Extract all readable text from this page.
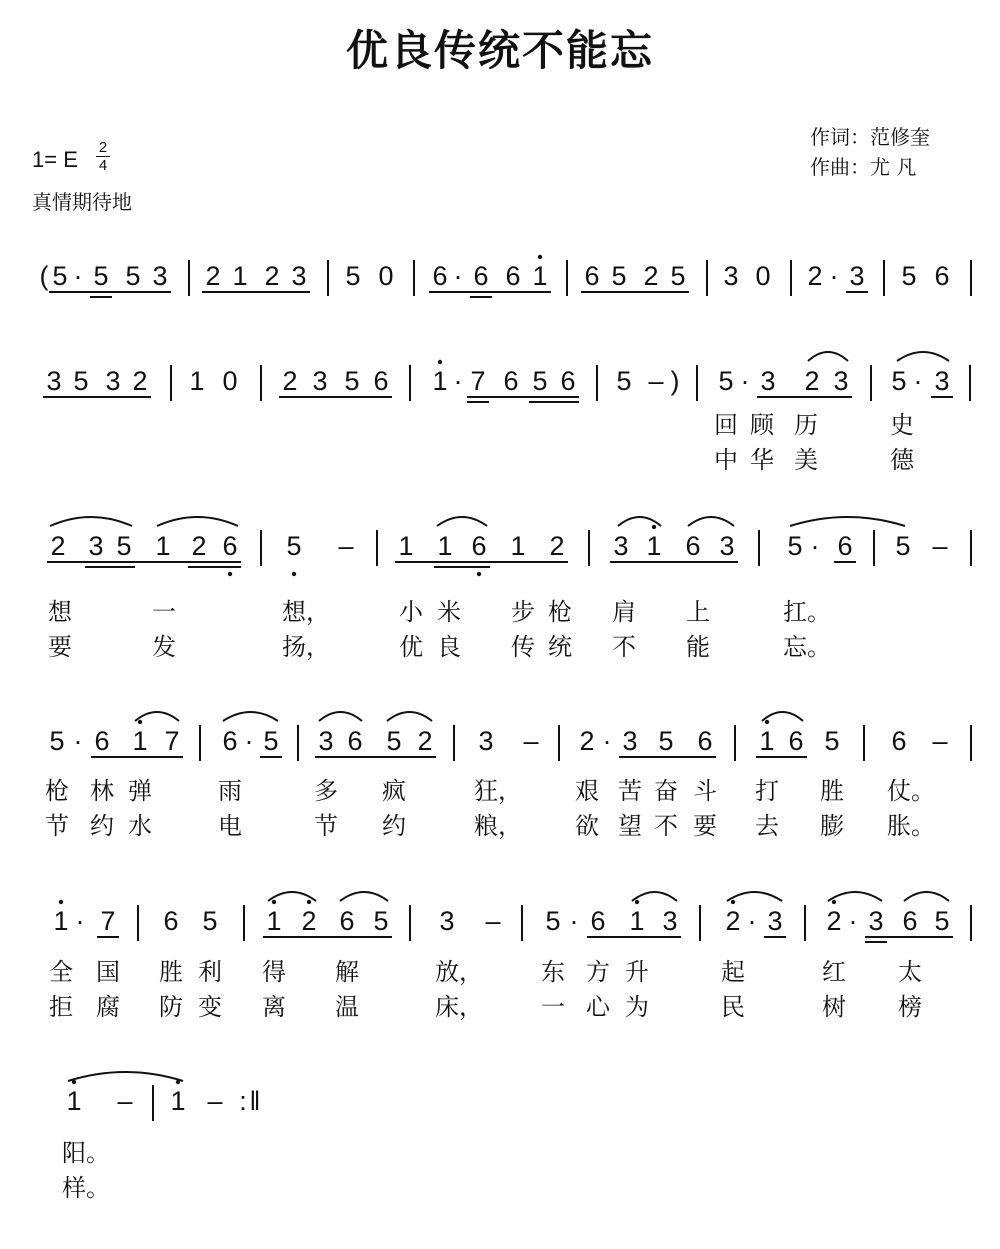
优良传统不能忘
作词：范修奎
作曲：尤 凡
1= E 2
4
真情期待地
( 5 · 5 5 3 2 1 2 3 5 0 6 · 6 6 1 6 5 2 5 3 0 2 · 3 5 6
3 5 3 2 1 0 2 3 5 6 1 · 7 6 5 6 5 – ) 5 · 3 2 3 5 · 3
2 3 5 1 2 6 5 – 1 1 6 1 2 3 1 6 3 5 · 6 5 –
5 · 6 1 7 6 · 5 3 6 5 2 3 – 2 · 3 5 6 1 6 5 6 –
1 · 7 6 5 1 2 6 5 3 – 5 · 6 1 3 2 · 3 2 · 3 6 5
1 – 1 – : ‖
回 顾 历	史
中 华 美	德
想	一	想，	小 米 步 枪 肩 上	扛。
要	发	扬，	优 良 传 统 不 能	忘。
枪 林 弹	雨	多 疯	狂， 艰 苦 奋 斗 打 胜 仗。
节 约 水	电	节 约	粮， 欲 望 不 要 去 膨 胀。
全 国 胜 利 得 解	放， 东 方 升	起	红 太
拒 腐 防 变 离 温	床， 一 心 为	民	树 榜
阳。
样。
